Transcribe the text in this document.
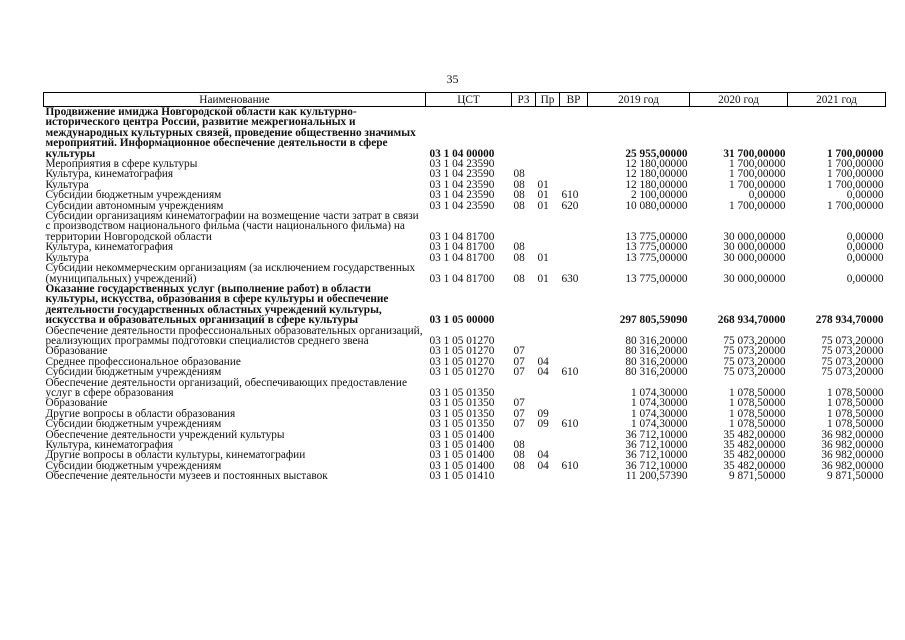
35
Наименование	ЦСТ	РЗ	Пр	ВР	2019 год	2020 год	2021 год
Продвижение имиджа Новгородской области как культурно-исторического центра России, развитие межрегиональных и международных культурных связей, проведение общественно значимых мероприятий. Информационное обеспечение деятельности в сфере культуры	03 1 04 00000				25 955,00000	31 700,00000	1 700,00000
Мероприятия в сфере культуры	03 1 04 23590				12 180,00000	1 700,00000	1 700,00000
Культура, кинематография	03 1 04 23590	08			12 180,00000	1 700,00000	1 700,00000
Культура	03 1 04 23590	08	01		12 180,00000	1 700,00000	1 700,00000
Субсидии бюджетным учреждениям	03 1 04 23590	08	01	610	2 100,00000	0,00000	0,00000
Субсидии автономным учреждениям	03 1 04 23590	08	01	620	10 080,00000	1 700,00000	1 700,00000
Субсидии организациям кинематографии на возмещение части затрат в связи с производством национального фильма (части национального фильма) на территории Новгородской области	03 1 04 81700				13 775,00000	30 000,00000	0,00000
Культура, кинематография	03 1 04 81700	08			13 775,00000	30 000,00000	0,00000
Культура	03 1 04 81700	08	01		13 775,00000	30 000,00000	0,00000
Субсидии некоммерческим организациям (за исключением государственных (муниципальных) учреждений)	03 1 04 81700	08	01	630	13 775,00000	30 000,00000	0,00000
Оказание государственных услуг (выполнение работ) в области культуры, искусства, образования в сфере культуры и обеспечение деятельности государственных областных учреждений культуры, искусства и образовательных организаций в сфере культуры	03 1 05 00000				297 805,59090	268 934,70000	278 934,70000
Обеспечение деятельности профессиональных образовательных организаций, реализующих программы подготовки специалистов среднего звена	03 1 05 01270				80 316,20000	75 073,20000	75 073,20000
Образование	03 1 05 01270	07			80 316,20000	75 073,20000	75 073,20000
Среднее профессиональное образование	03 1 05 01270	07	04		80 316,20000	75 073,20000	75 073,20000
Субсидии бюджетным учреждениям	03 1 05 01270	07	04	610	80 316,20000	75 073,20000	75 073,20000
Обеспечение деятельности организаций, обеспечивающих предоставление услуг в сфере образования	03 1 05 01350				1 074,30000	1 078,50000	1 078,50000
Образование	03 1 05 01350	07			1 074,30000	1 078,50000	1 078,50000
Другие вопросы в области образования	03 1 05 01350	07	09		1 074,30000	1 078,50000	1 078,50000
Субсидии бюджетным учреждениям	03 1 05 01350	07	09	610	1 074,30000	1 078,50000	1 078,50000
Обеспечение деятельности учреждений культуры	03 1 05 01400				36 712,10000	35 482,00000	36 982,00000
Культура, кинематография	03 1 05 01400	08			36 712,10000	35 482,00000	36 982,00000
Другие вопросы в области культуры, кинематографии	03 1 05 01400	08	04		36 712,10000	35 482,00000	36 982,00000
Субсидии бюджетным учреждениям	03 1 05 01400	08	04	610	36 712,10000	35 482,00000	36 982,00000
Обеспечение деятельности музеев и постоянных выставок	03 1 05 01410				11 200,57390	9 871,50000	9 871,50000
